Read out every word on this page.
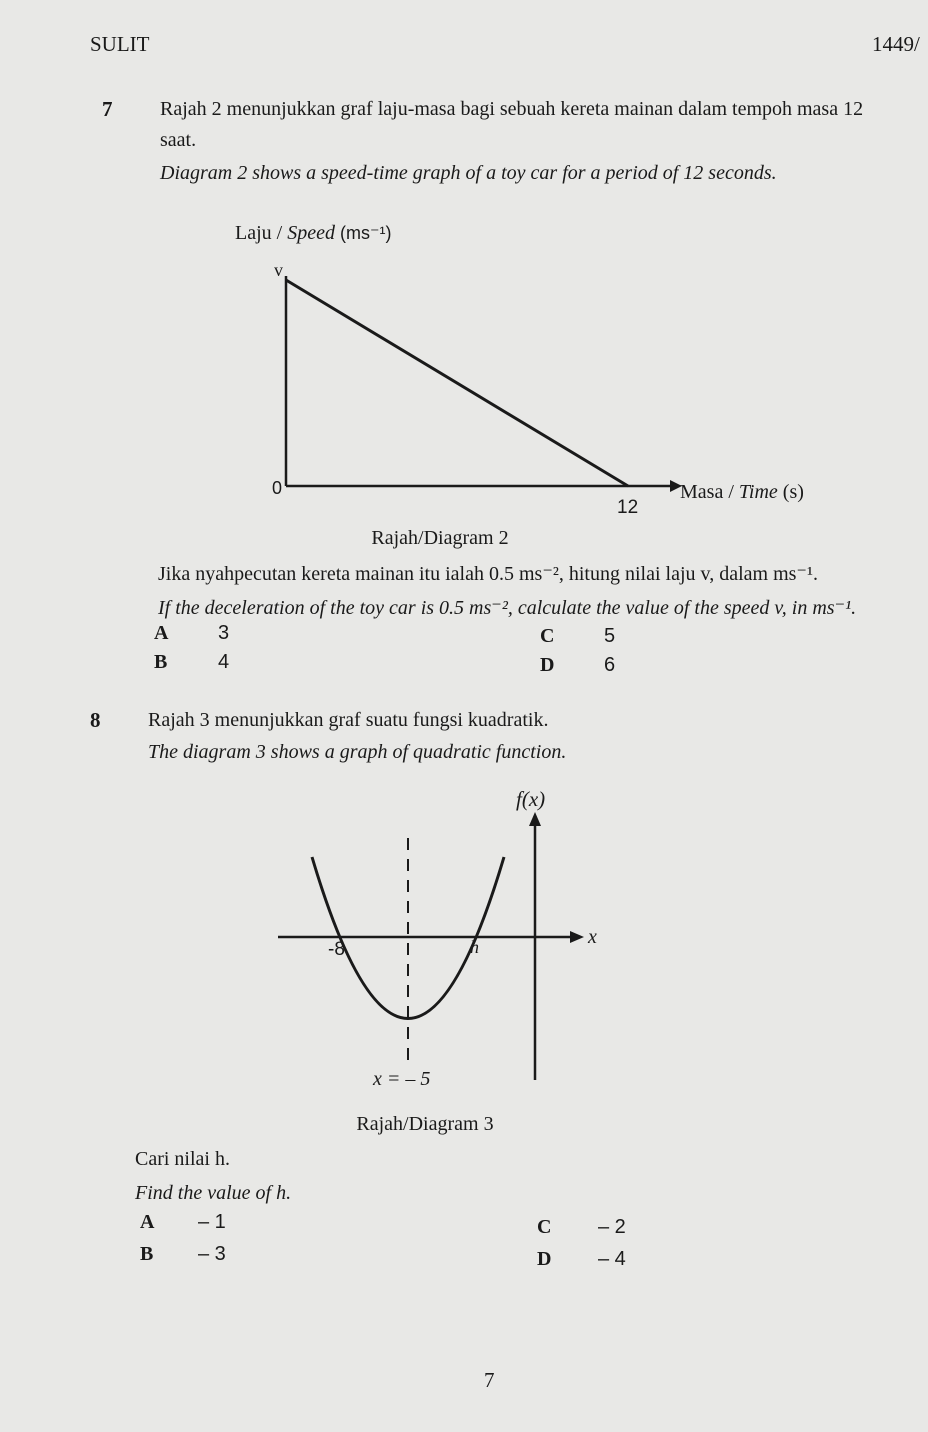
SULIT	1449/
7 Rajah 2 menunjukkan graf laju-masa bagi sebuah kereta mainan dalam tempoh masa 12
saat.
Diagram 2 shows a speed-time graph of a toy car for a period of 12 seconds.
Laju / Speed (ms⁻¹)
v
0
12
Masa / Time (s)
Rajah/Diagram 2
Jika nyahpecutan kereta mainan itu ialah 0.5 ms⁻², hitung nilai laju v, dalam ms⁻¹.
If the deceleration of the toy car is 0.5 ms⁻², calculate the value of the speed v, in ms⁻¹.
A 3
B	4
C 5
D 6
8 Rajah 3 menunjukkan graf suatu fungsi kuadratik.
The diagram 3 shows a graph of quadratic function.
f(x)
x
-8	h
x = – 5
Rajah/Diagram 3
Cari nilai h.
Find the value of h.
A – 1
B – 3
C – 2
D – 4
7
